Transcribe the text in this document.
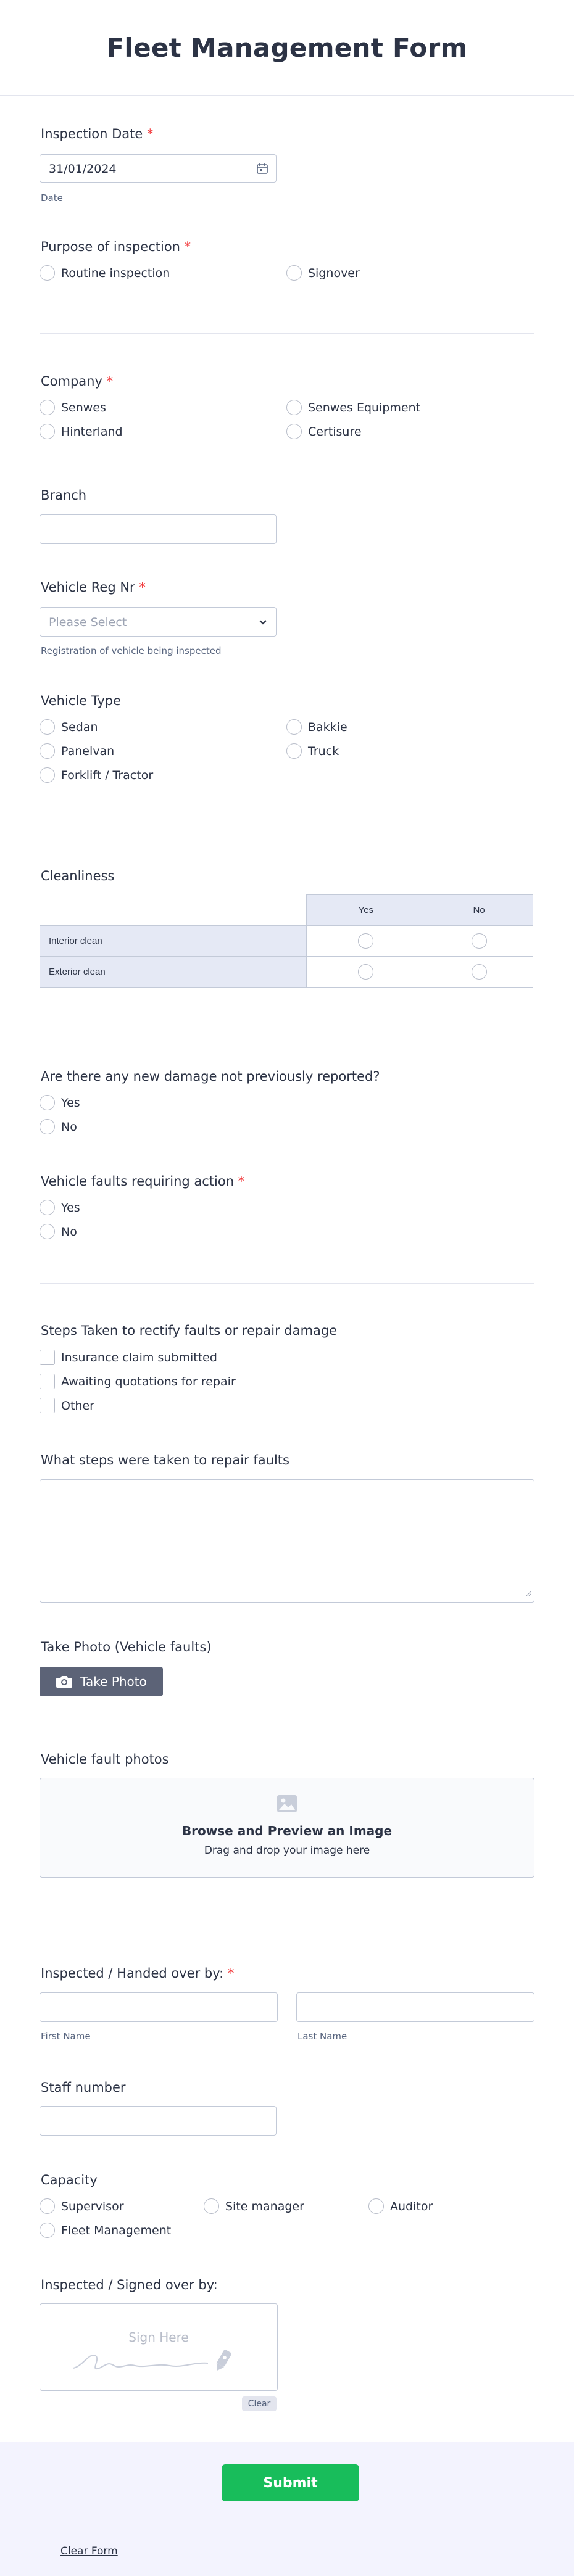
Fleet Management Form
Inspection Date *
31/01/2024
Date
Purpose of inspection *
Routine inspection	Signover
Company *
Senwes	Senwes Equipment
Hinterland	Certisure
Branch
Vehicle Reg Nr *
Please Select
Registration of vehicle being inspected
Vehicle Type
Sedan	Bakkie
Panelvan	Truck
Forklift / Tractor
Cleanliness
	Yes	No
Interior clean		
Exterior clean		
Are there any new damage not previously reported?
Yes
No
Vehicle faults requiring action *
Yes
No
Steps Taken to rectify faults or repair damage
Insurance claim submitted
Awaiting quotations for repair
Other
What steps were taken to repair faults
Take Photo (Vehicle faults)
Take Photo
Vehicle fault photos
Browse and Preview an Image
Drag and drop your image here
Inspected / Handed over by: *
First Name	Last Name
Staff number
Capacity
Supervisor	Site manager	Auditor
Fleet Management
Inspected / Signed over by:
Sign Here
Clear
Submit
Clear Form
